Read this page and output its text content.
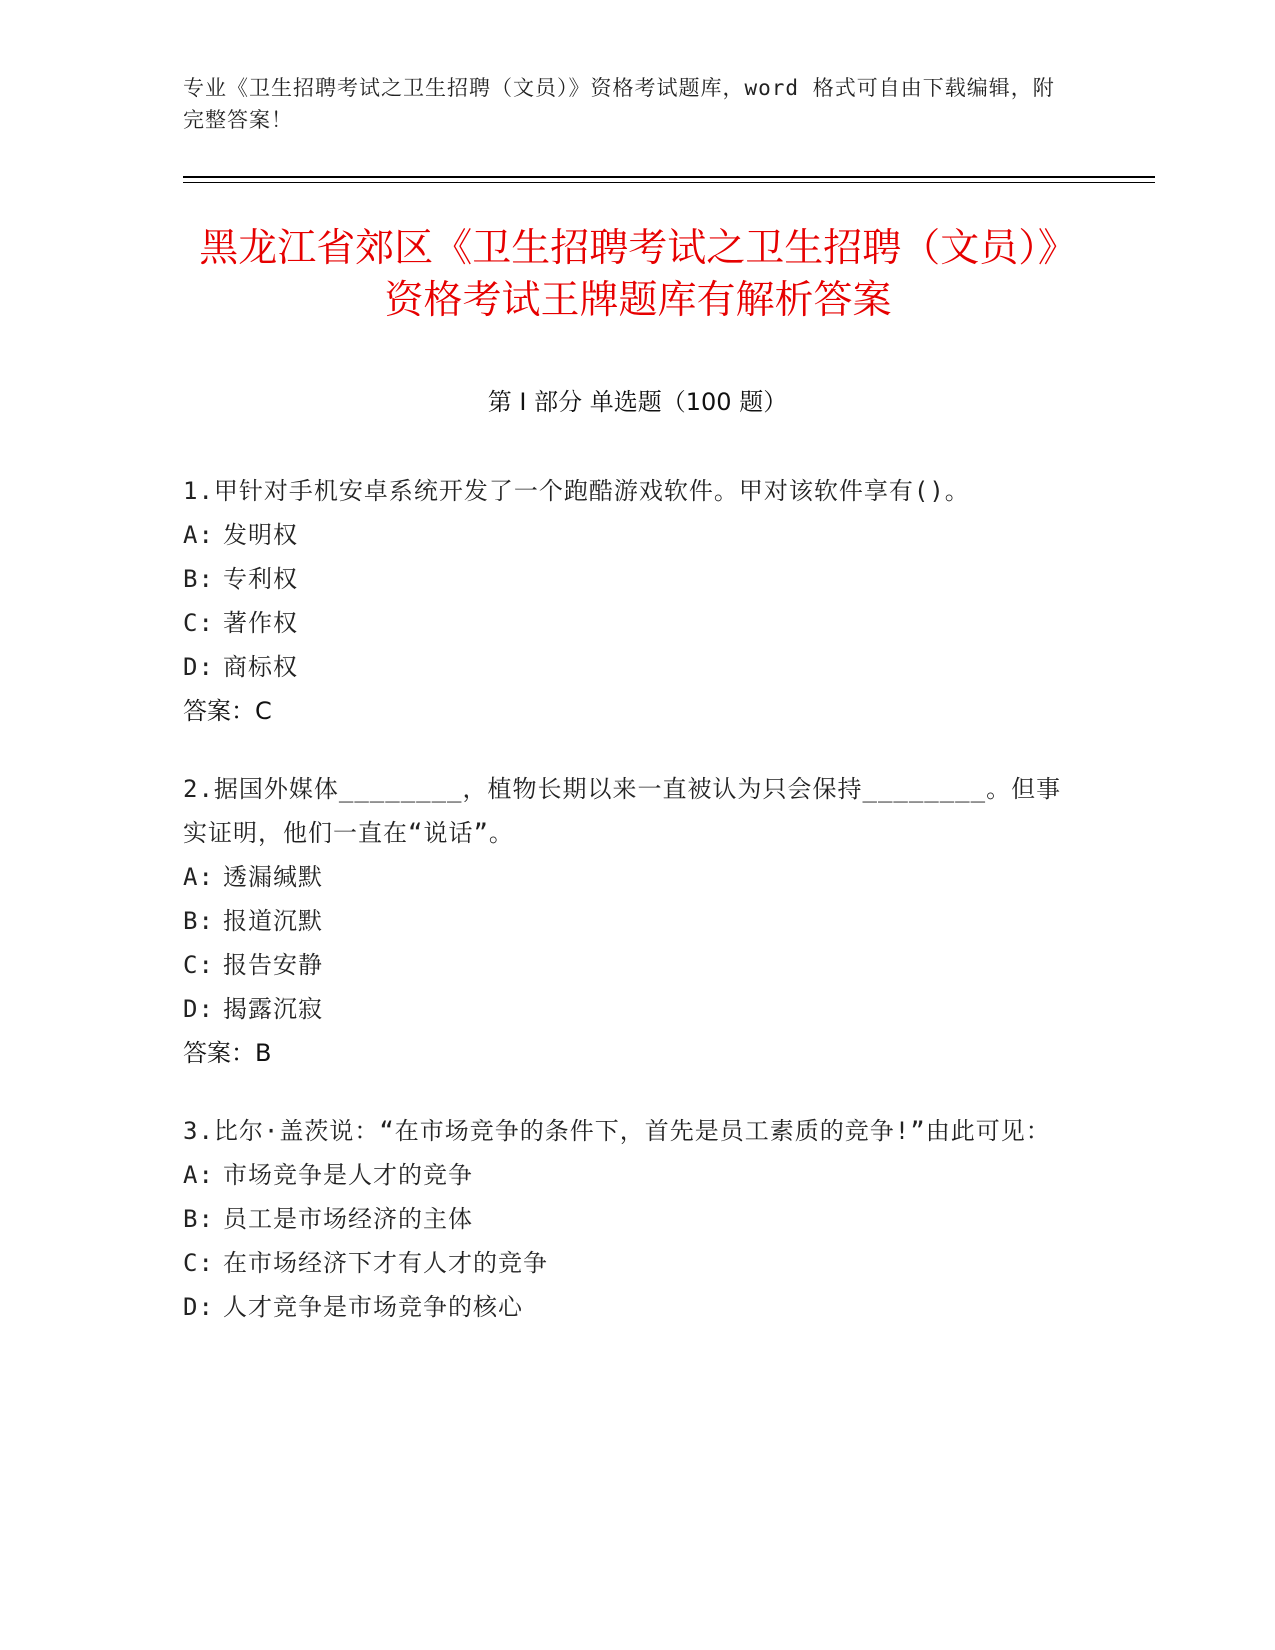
专业《卫生招聘考试之卫生招聘（文员）》资格考试题库，word 格式可自由下载编辑，附完整答案！
黑龙江省郊区《卫生招聘考试之卫生招聘（文员）》资格考试王牌题库有解析答案
第 I 部分 单选题（100 题）
1.甲针对手机安卓系统开发了一个跑酷游戏软件。甲对该软件享有()。
A: 发明权
B: 专利权
C: 著作权
D: 商标权
答案：C
2.据国外媒体________，植物长期以来一直被认为只会保持________。但事实证明，他们一直在“说话”。
A: 透漏缄默
B: 报道沉默
C: 报告安静
D: 揭露沉寂
答案：B
3.比尔·盖茨说：“在市场竞争的条件下，首先是员工素质的竞争!”由此可见：
A: 市场竞争是人才的竞争
B: 员工是市场经济的主体
C: 在市场经济下才有人才的竞争
D: 人才竞争是市场竞争的核心
